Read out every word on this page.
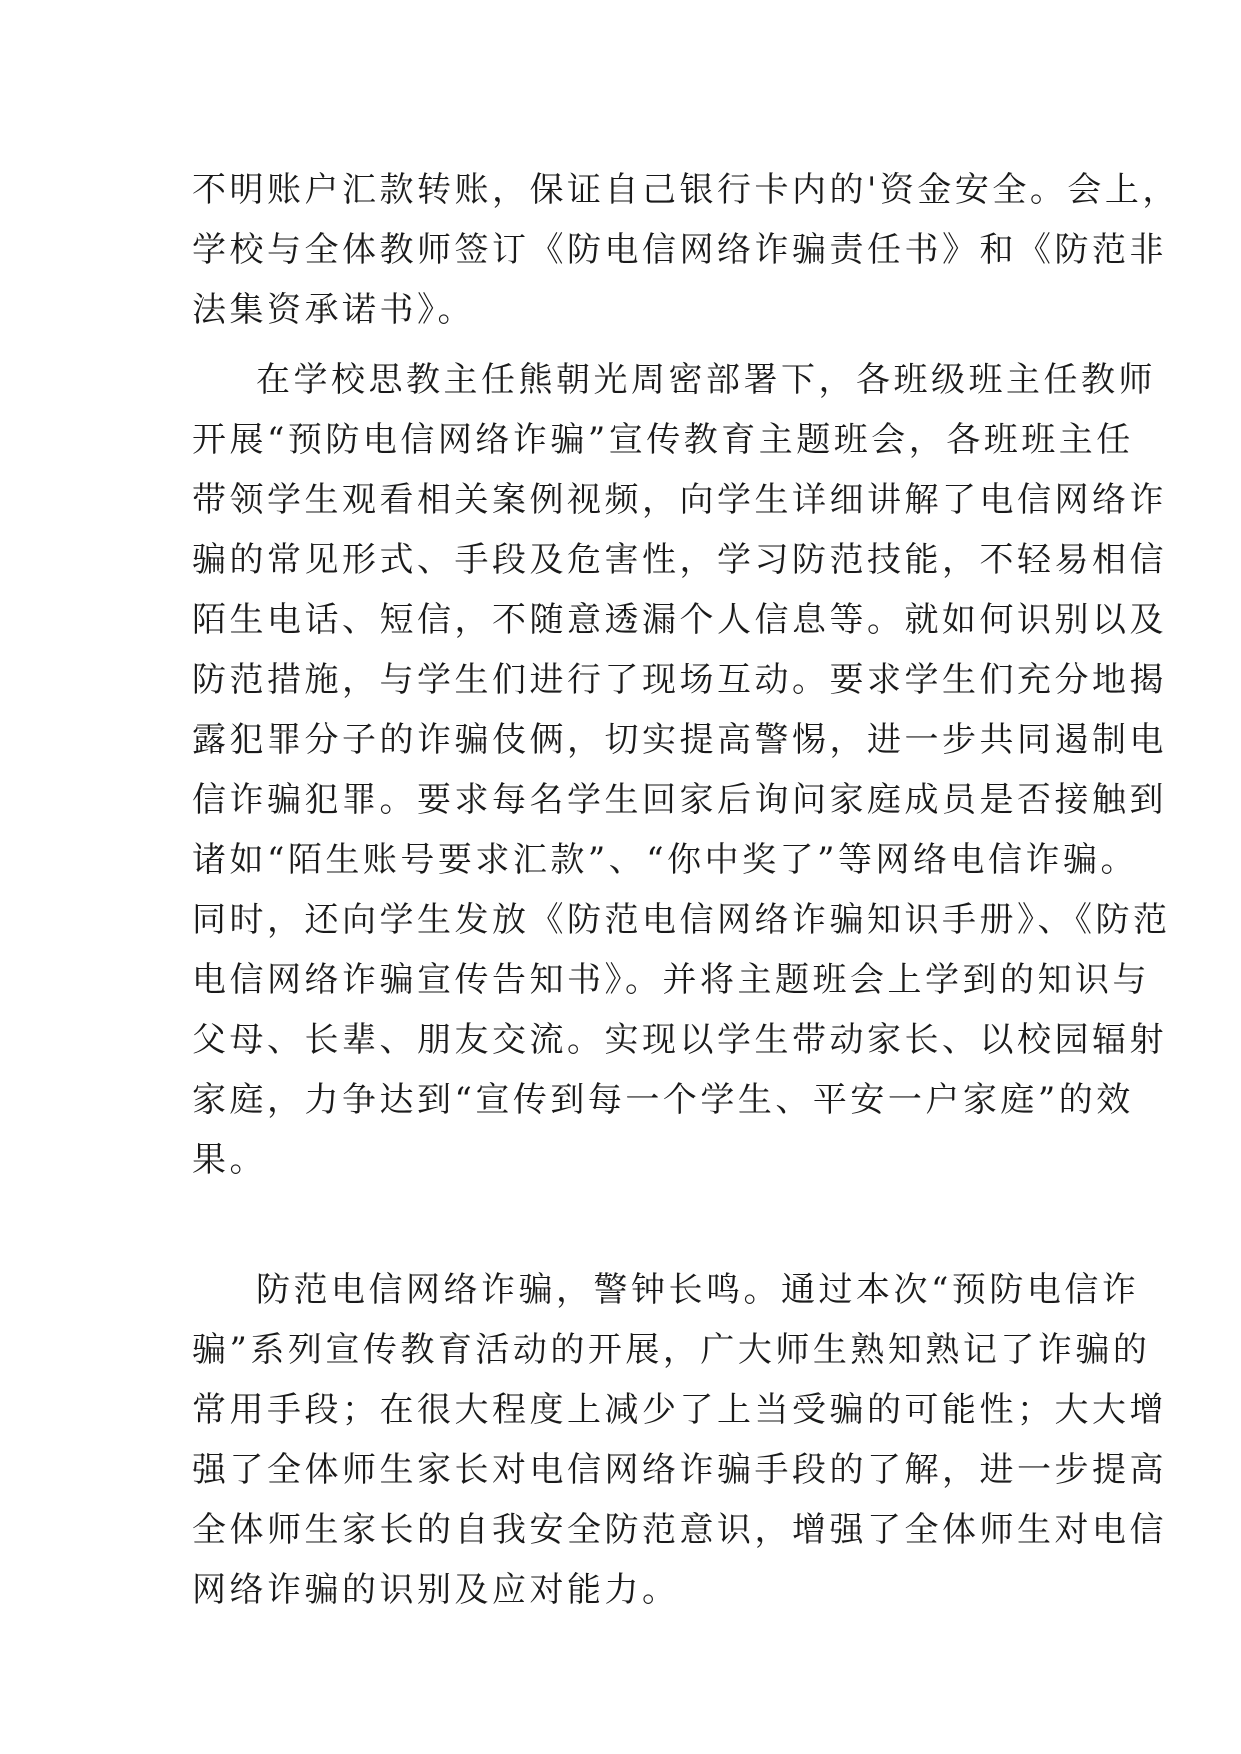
不明账户汇款转账，保证自己银行卡内的'资金安全。会上，
学校与全体教师签订《防电信网络诈骗责任书》和《防范非
法集资承诺书》。
在学校思教主任熊朝光周密部署下，各班级班主任教师
开展“预防电信网络诈骗”宣传教育主题班会，各班班主任
带领学生观看相关案例视频，向学生详细讲解了电信网络诈
骗的常见形式、手段及危害性，学习防范技能，不轻易相信
陌生电话、短信，不随意透漏个人信息等。就如何识别以及
防范措施，与学生们进行了现场互动。要求学生们充分地揭
露犯罪分子的诈骗伎俩，切实提高警惕，进一步共同遏制电
信诈骗犯罪。要求每名学生回家后询问家庭成员是否接触到
诸如“陌生账号要求汇款”、“你中奖了”等网络电信诈骗。
同时，还向学生发放《防范电信网络诈骗知识手册》、《防范
电信网络诈骗宣传告知书》。并将主题班会上学到的知识与
父母、长辈、朋友交流。实现以学生带动家长、以校园辐射
家庭，力争达到“宣传到每一个学生、平安一户家庭”的效
果。
防范电信网络诈骗，警钟长鸣。通过本次“预防电信诈
骗”系列宣传教育活动的开展，广大师生熟知熟记了诈骗的
常用手段；在很大程度上减少了上当受骗的可能性；大大增
强了全体师生家长对电信网络诈骗手段的了解，进一步提高
全体师生家长的自我安全防范意识，增强了全体师生对电信
网络诈骗的识别及应对能力。
